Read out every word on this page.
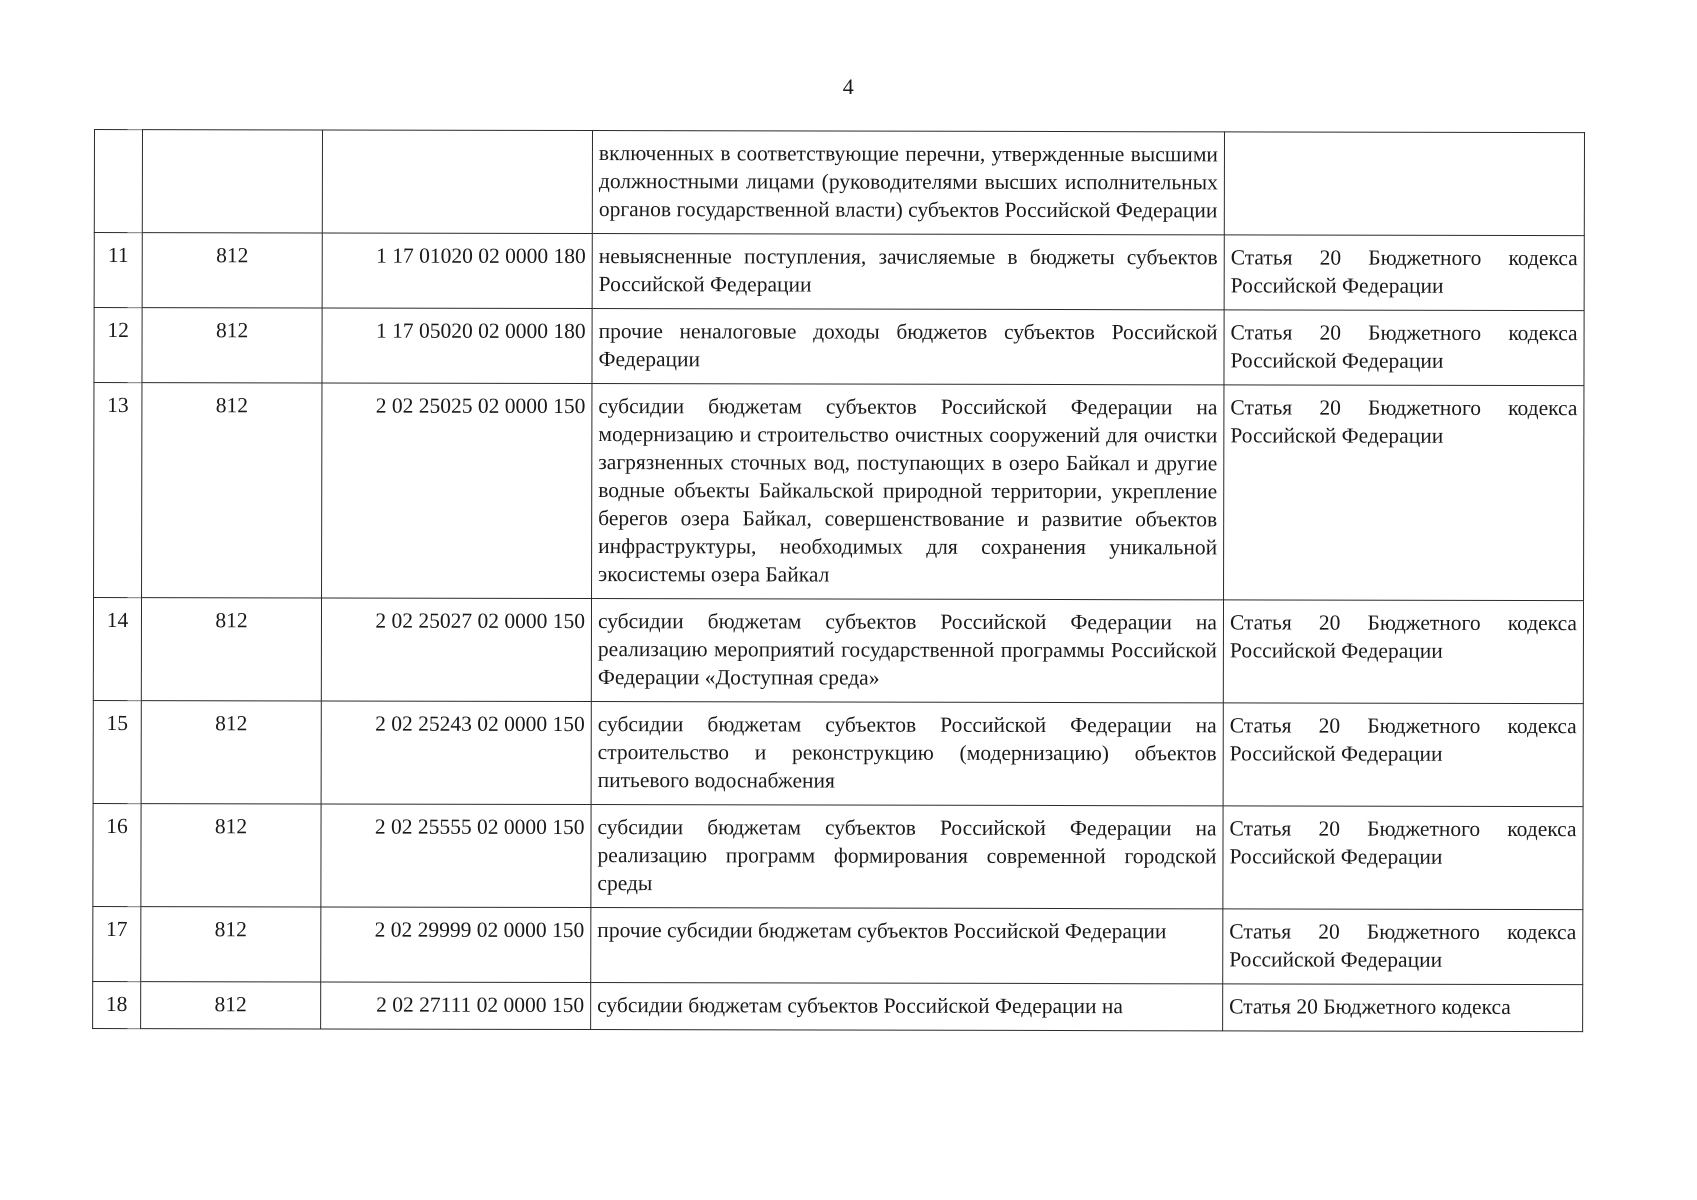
4
			включенных в соответствующие перечни, утвержденные высшими должностными лицами (руководителями высших исполнительных органов государственной власти) субъектов Российской Федерации	
11	812	1 17 01020 02 0000 180	невыясненные поступления, зачисляемые в бюджеты субъектов Российской Федерации	Статья 20 Бюджетного кодекса Российской Федерации
12	812	1 17 05020 02 0000 180	прочие неналоговые доходы бюджетов субъектов Российской Федерации	Статья 20 Бюджетного кодекса Российской Федерации
13	812	2 02 25025 02 0000 150	субсидии бюджетам субъектов Российской Федерации на модернизацию и строительство очистных сооружений для очистки загрязненных сточных вод, поступающих в озеро Байкал и другие водные объекты Байкальской природной территории, укрепление берегов озера Байкал, совершенствование и развитие объектов инфраструктуры, необходимых для сохранения уникальной экосистемы озера Байкал	Статья 20 Бюджетного кодекса Российской Федерации
14	812	2 02 25027 02 0000 150	субсидии бюджетам субъектов Российской Федерации на реализацию мероприятий государственной программы Российской Федерации «Доступная среда»	Статья 20 Бюджетного кодекса Российской Федерации
15	812	2 02 25243 02 0000 150	субсидии бюджетам субъектов Российской Федерации на строительство и реконструкцию (модернизацию) объектов питьевого водоснабжения	Статья 20 Бюджетного кодекса Российской Федерации
16	812	2 02 25555 02 0000 150	субсидии бюджетам субъектов Российской Федерации на реализацию программ формирования современной городской среды	Статья 20 Бюджетного кодекса Российской Федерации
17	812	2 02 29999 02 0000 150	прочие субсидии бюджетам субъектов Российской Федерации	Статья 20 Бюджетного кодекса Российской Федерации
18	812	2 02 27111 02 0000 150	субсидии бюджетам субъектов Российской Федерации на	Статья 20 Бюджетного кодекса
